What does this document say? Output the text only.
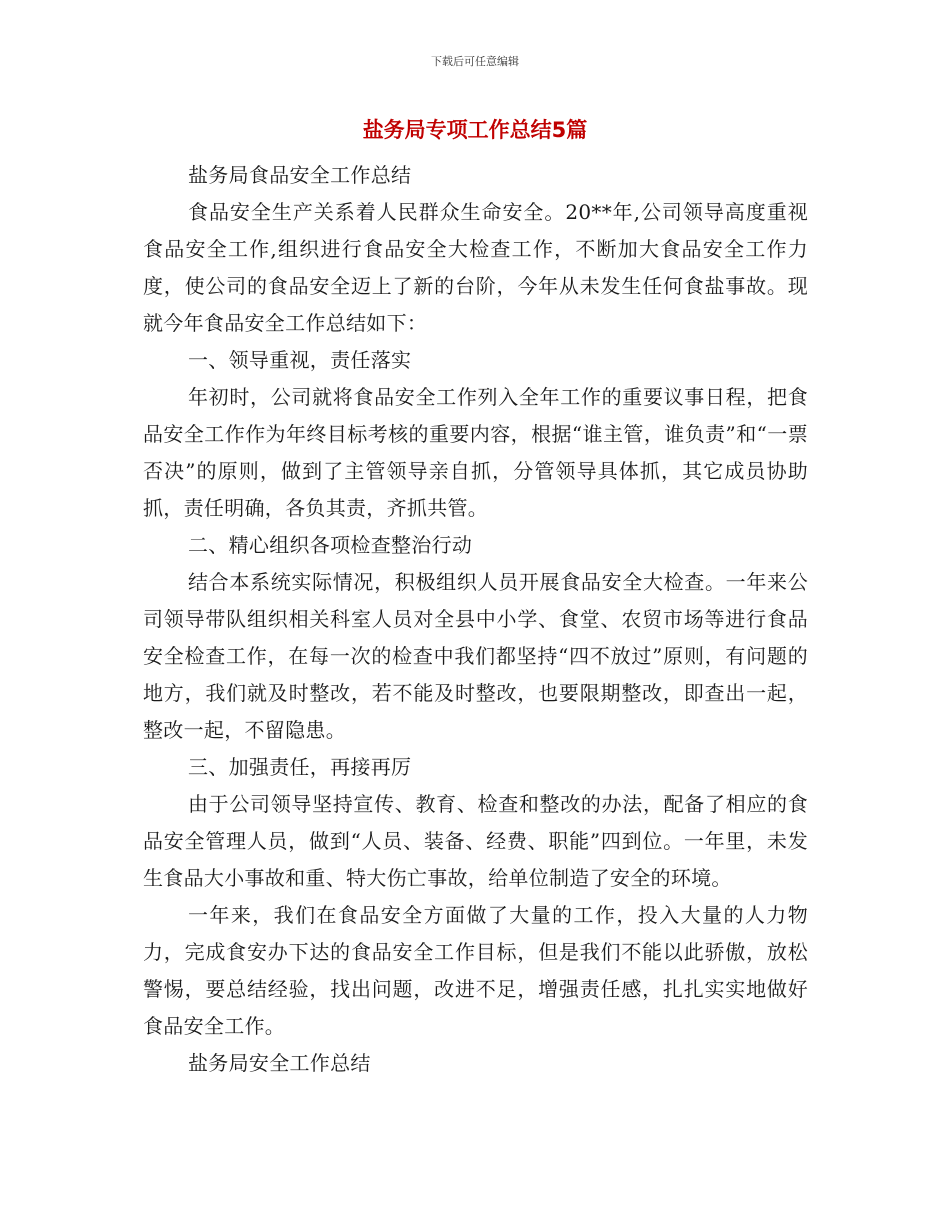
下载后可任意编辑
盐务局专项工作总结5篇

盐务局食品安全工作总结

食品安全生产关系着人民群众生命安全。20**年,公司领导高度重视食品安全工作,组织进行食品安全大检查工作，不断加大食品安全工作力度，使公司的食品安全迈上了新的台阶，今年从未发生任何食盐事故。现就今年食品安全工作总结如下：

一、领导重视，责任落实

年初时，公司就将食品安全工作列入全年工作的重要议事日程，把食品安全工作作为年终目标考核的重要内容，根据“谁主管，谁负责”和“一票否决”的原则，做到了主管领导亲自抓，分管领导具体抓，其它成员协助抓，责任明确，各负其责，齐抓共管。

二、精心组织各项检查整治行动

结合本系统实际情况，积极组织人员开展食品安全大检查。一年来公司领导带队组织相关科室人员对全县中小学、食堂、农贸市场等进行食品安全检查工作，在每一次的检查中我们都坚持“四不放过”原则，有问题的地方，我们就及时整改，若不能及时整改，也要限期整改，即查出一起，整改一起，不留隐患。

三、加强责任，再接再厉

由于公司领导坚持宣传、教育、检查和整改的办法，配备了相应的食品安全管理人员，做到“人员、装备、经费、职能”四到位。一年里，未发生食品大小事故和重、特大伤亡事故，给单位制造了安全的环境。

一年来，我们在食品安全方面做了大量的工作，投入大量的人力物力，完成食安办下达的食品安全工作目标，但是我们不能以此骄傲，放松警惕，要总结经验，找出问题，改进不足，增强责任感，扎扎实实地做好食品安全工作。

盐务局安全工作总结
